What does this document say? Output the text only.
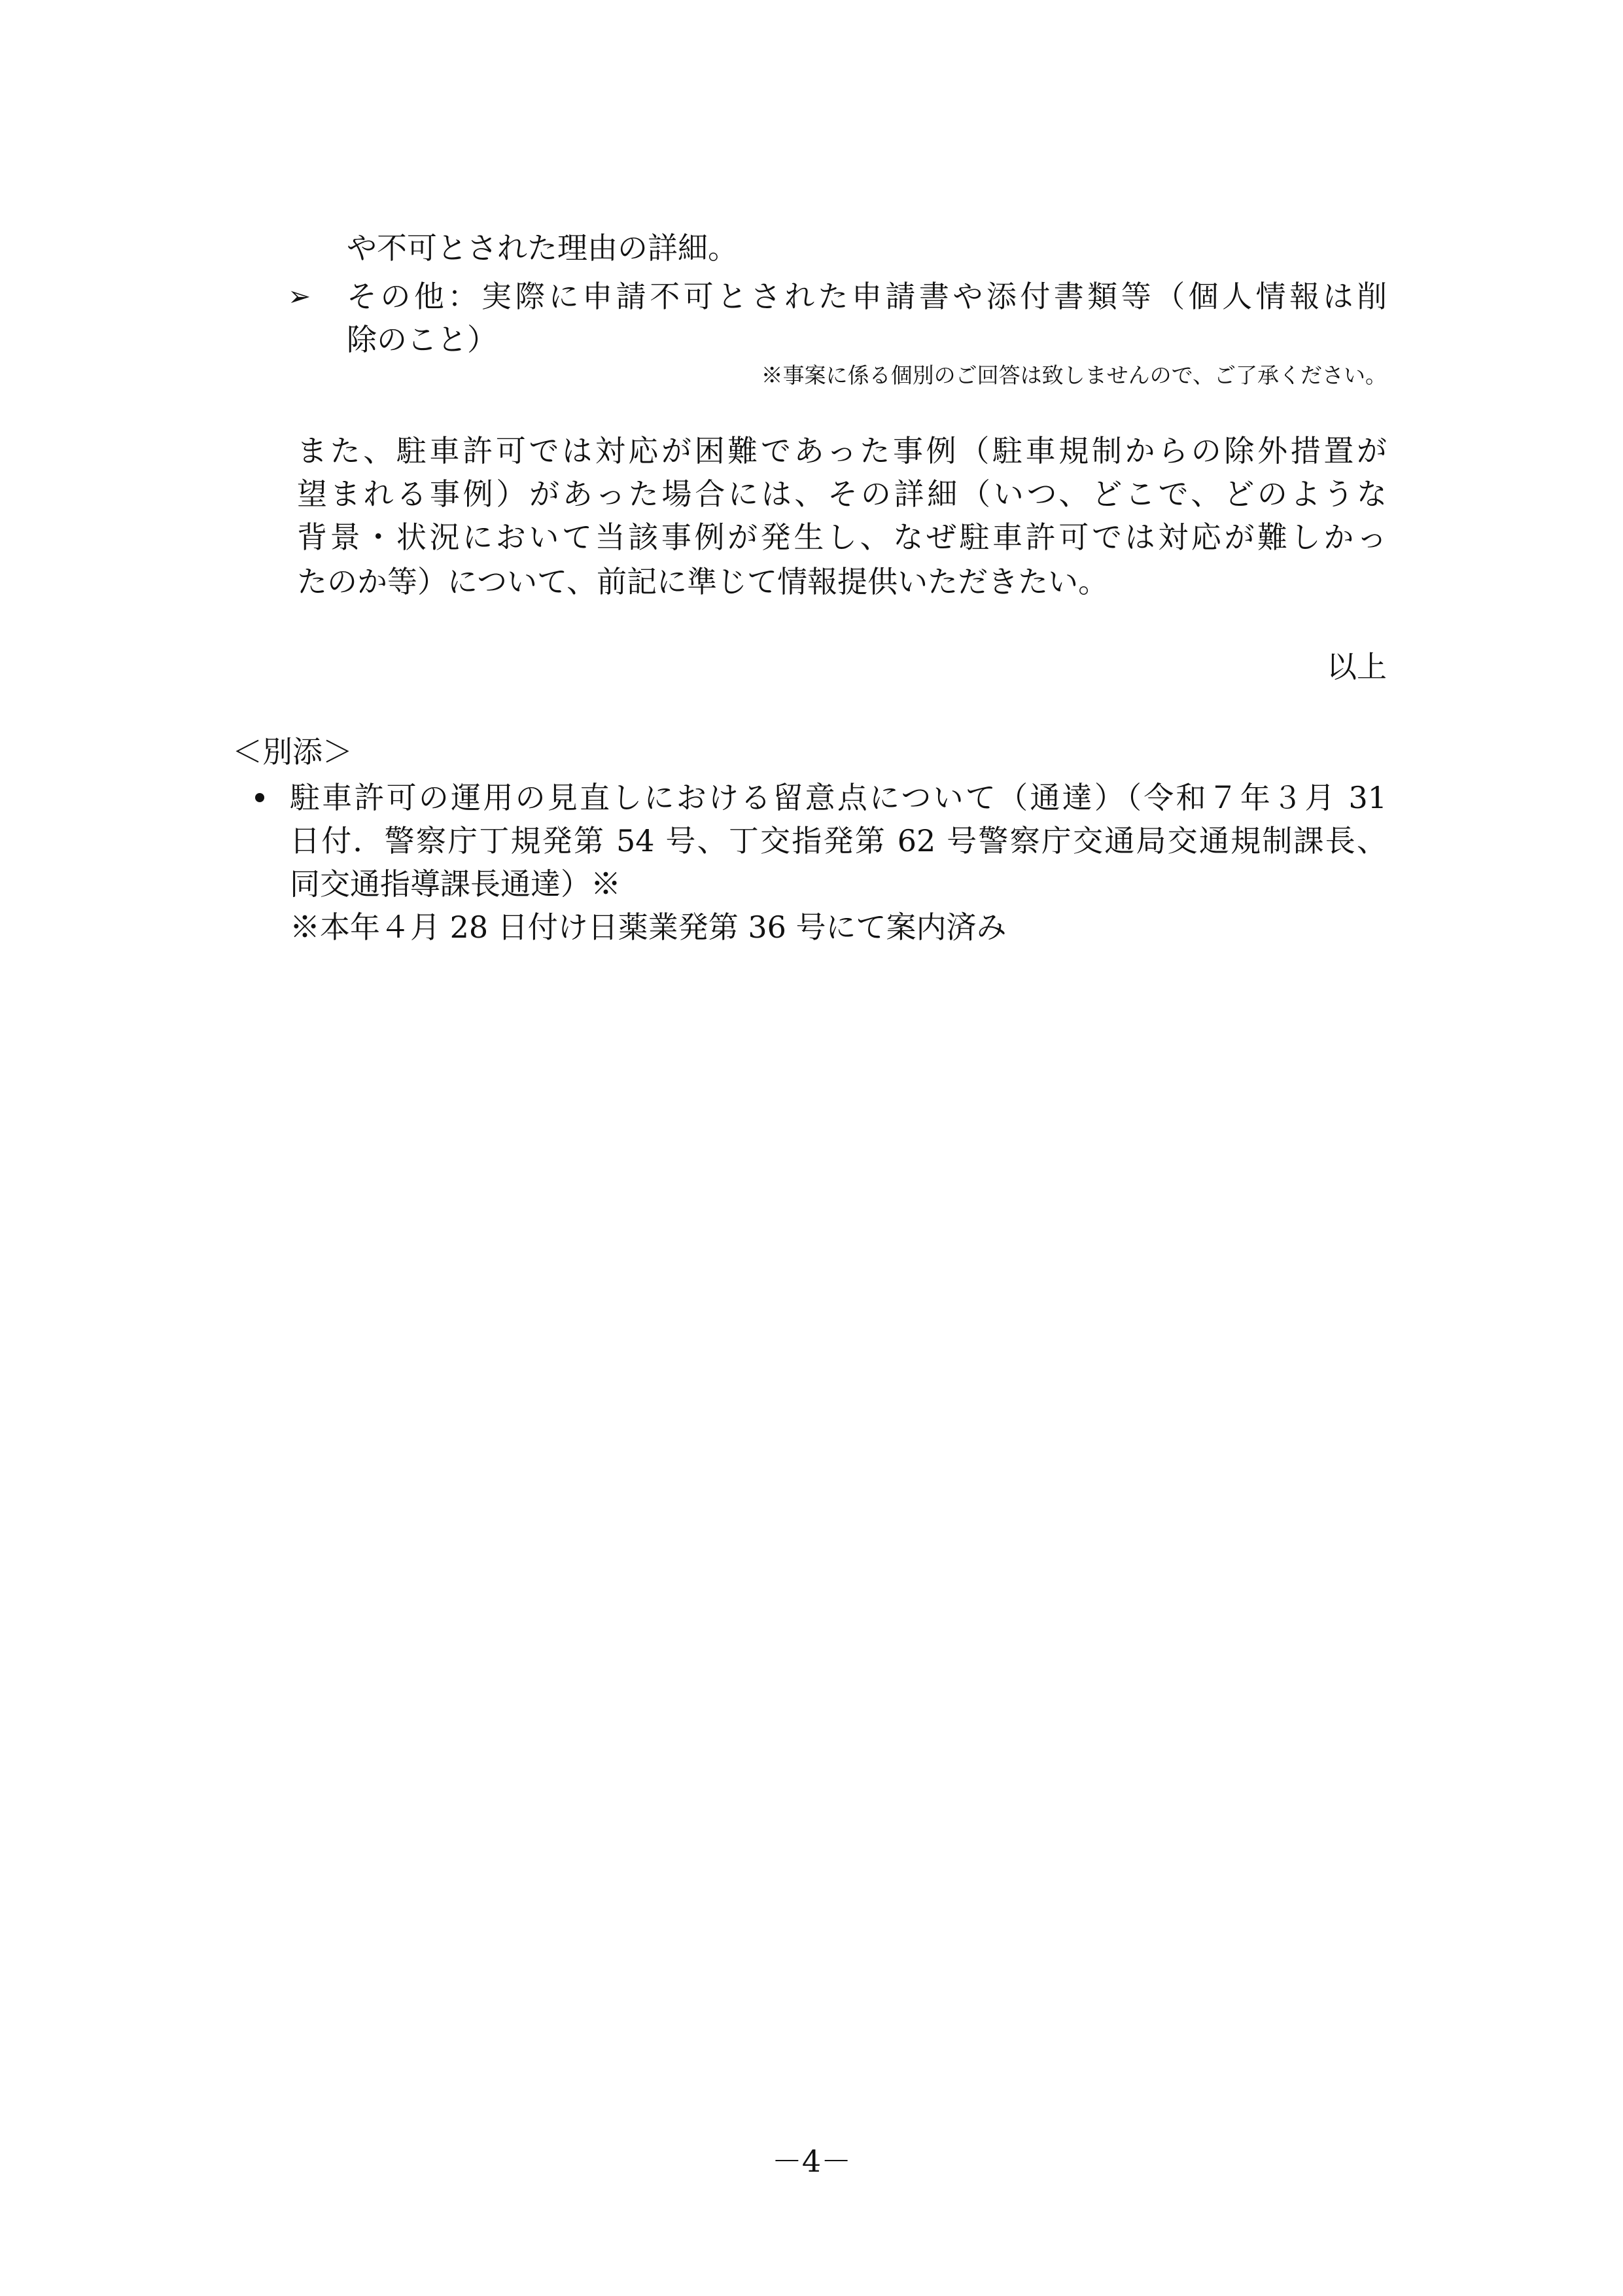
や不可とされた理由の詳細。

➢ その他：実際に申請不可とされた申請書や添付書類等（個人情報は削

除のこと）

※事案に係る個別のご回答は致しませんので、ご了承ください。

また、駐車許可では対応が困難であった事例（駐車規制からの除外措置が

望まれる事例）があった場合には、その詳細（いつ、どこで、どのような

背景・状況において当該事例が発生し、なぜ駐車許可では対応が難しかっ

たのか等）について、前記に準じて情報提供いただきたい。

以上

＜別添＞

駐車許可の運用の見直しにおける留意点について（通達）（令和７年３月 31

日付．警察庁丁規発第 54 号、丁交指発第 62 号警察庁交通局交通規制課長、

同交通指導課長通達）※

※本年４月 28 日付け日薬業発第 36 号にて案内済み

－4－
